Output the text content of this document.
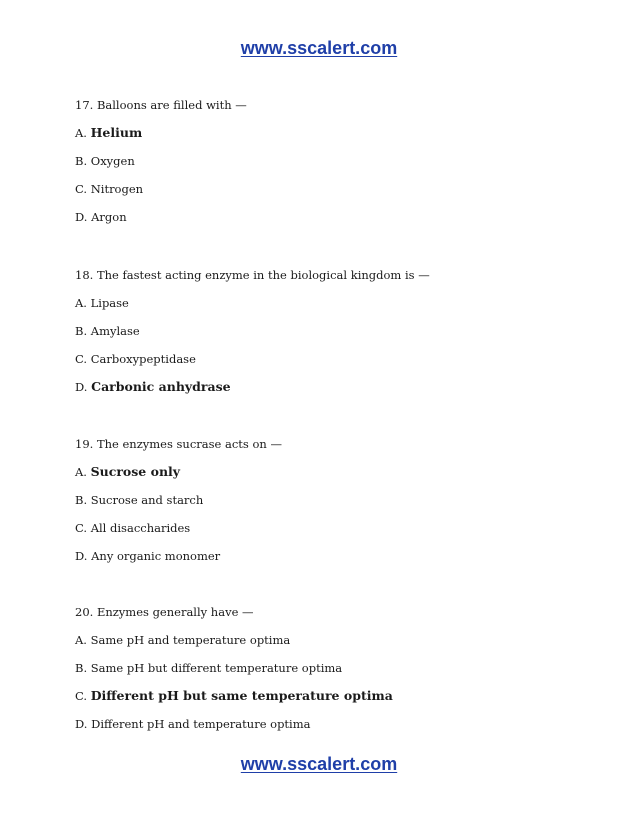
www.sscalert.com

17. Balloons are filled with —

A. Helium

B. Oxygen

C. Nitrogen

D. Argon

18. The fastest acting enzyme in the biological kingdom is —

A. Lipase

B. Amylase

C. Carboxypeptidase

D. Carbonic anhydrase

19. The enzymes sucrase acts on —

A. Sucrose only

B. Sucrose and starch

C. All disaccharides

D. Any organic monomer

20. Enzymes generally have —

A. Same pH and temperature optima

B. Same pH but different temperature optima

C. Different pH but same temperature optima

D. Different pH and temperature optima

www.sscalert.com
